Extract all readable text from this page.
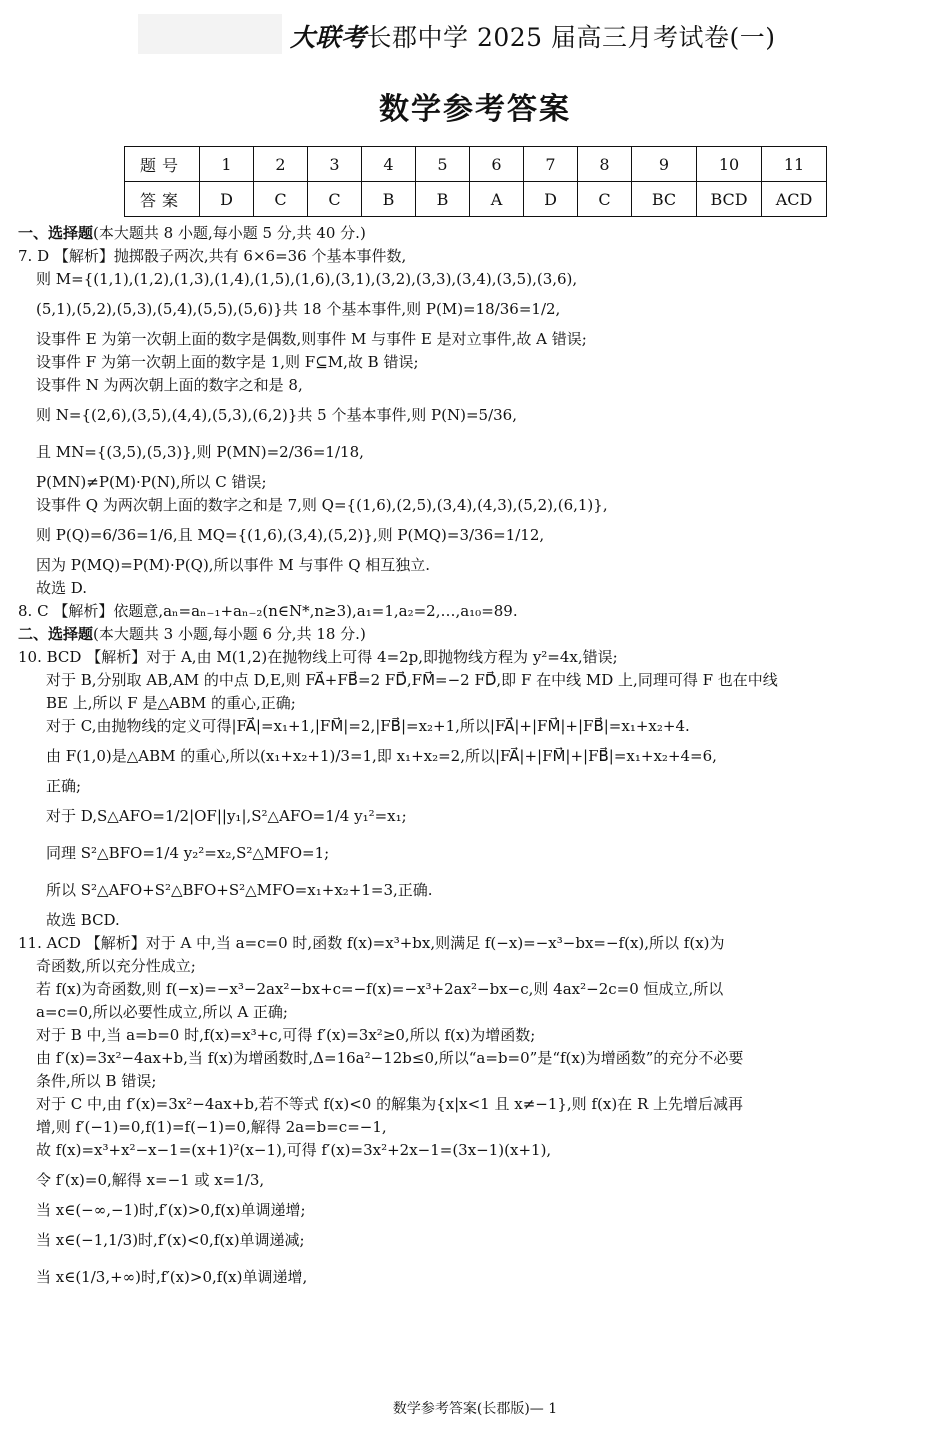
大联考长郡中学 2025 届高三月考试卷(一)
数学参考答案
题号	1	2	3	4	5	6	7	8	9	10	11
答案	D	C	C	B	B	A	D	C	BC	BCD	ACD
一、选择题(本大题共 8 小题,每小题 5 分,共 40 分.)
7. D 【解析】抛掷骰子两次,共有 6×6=36 个基本事件数,
则 M={(1,1),(1,2),(1,3),(1,4),(1,5),(1,6),(3,1),(3,2),(3,3),(3,4),(3,5),(3,6),
(5,1),(5,2),(5,3),(5,4),(5,5),(5,6)}共 18 个基本事件,则 P(M)=18/36=1/2,
设事件 E 为第一次朝上面的数字是偶数,则事件 M 与事件 E 是对立事件,故 A 错误;
设事件 F 为第一次朝上面的数字是 1,则 F⊆M,故 B 错误;
设事件 N 为两次朝上面的数字之和是 8,
则 N={(2,6),(3,5),(4,4),(5,3),(6,2)}共 5 个基本事件,则 P(N)=5/36,
且 MN={(3,5),(5,3)},则 P(MN)=2/36=1/18,
P(MN)≠P(M)·P(N),所以 C 错误;
设事件 Q 为两次朝上面的数字之和是 7,则 Q={(1,6),(2,5),(3,4),(4,3),(5,2),(6,1)},
则 P(Q)=6/36=1/6,且 MQ={(1,6),(3,4),(5,2)},则 P(MQ)=3/36=1/12,
因为 P(MQ)=P(M)·P(Q),所以事件 M 与事件 Q 相互独立.
故选 D.
8. C 【解析】依题意,aₙ=aₙ₋₁+aₙ₋₂(n∈N*,n≥3),a₁=1,a₂=2,…,a₁₀=89.
二、选择题(本大题共 3 小题,每小题 6 分,共 18 分.)
10. BCD 【解析】对于 A,由 M(1,2)在抛物线上可得 4=2p,即抛物线方程为 y²=4x,错误;
对于 B,分别取 AB,AM 的中点 D,E,则 FA⃗+FB⃗=2 FD⃗,FM⃗=−2 FD⃗,即 F 在中线 MD 上,同理可得 F 也在中线
BE 上,所以 F 是△ABM 的重心,正确;
对于 C,由抛物线的定义可得|FA⃗|=x₁+1,|FM⃗|=2,|FB⃗|=x₂+1,所以|FA⃗|+|FM⃗|+|FB⃗|=x₁+x₂+4.
由 F(1,0)是△ABM 的重心,所以(x₁+x₂+1)/3=1,即 x₁+x₂=2,所以|FA⃗|+|FM⃗|+|FB⃗|=x₁+x₂+4=6,
正确;
对于 D,S△AFO=1/2|OF||y₁|,S²△AFO=1/4 y₁²=x₁;
同理 S²△BFO=1/4 y₂²=x₂,S²△MFO=1;
所以 S²△AFO+S²△BFO+S²△MFO=x₁+x₂+1=3,正确.
故选 BCD.
11. ACD 【解析】对于 A 中,当 a=c=0 时,函数 f(x)=x³+bx,则满足 f(−x)=−x³−bx=−f(x),所以 f(x)为
奇函数,所以充分性成立;
若 f(x)为奇函数,则 f(−x)=−x³−2ax²−bx+c=−f(x)=−x³+2ax²−bx−c,则 4ax²−2c=0 恒成立,所以
a=c=0,所以必要性成立,所以 A 正确;
对于 B 中,当 a=b=0 时,f(x)=x³+c,可得 f′(x)=3x²≥0,所以 f(x)为增函数;
由 f′(x)=3x²−4ax+b,当 f(x)为增函数时,Δ=16a²−12b≤0,所以“a=b=0”是“f(x)为增函数”的充分不必要
条件,所以 B 错误;
对于 C 中,由 f′(x)=3x²−4ax+b,若不等式 f(x)<0 的解集为{x|x<1 且 x≠−1},则 f(x)在 R 上先增后减再
增,则 f′(−1)=0,f(1)=f(−1)=0,解得 2a=b=c=−1,
故 f(x)=x³+x²−x−1=(x+1)²(x−1),可得 f′(x)=3x²+2x−1=(3x−1)(x+1),
令 f′(x)=0,解得 x=−1 或 x=1/3,
当 x∈(−∞,−1)时,f′(x)>0,f(x)单调递增;
当 x∈(−1,1/3)时,f′(x)<0,f(x)单调递减;
当 x∈(1/3,+∞)时,f′(x)>0,f(x)单调递增,
数学参考答案(长郡版)— 1
